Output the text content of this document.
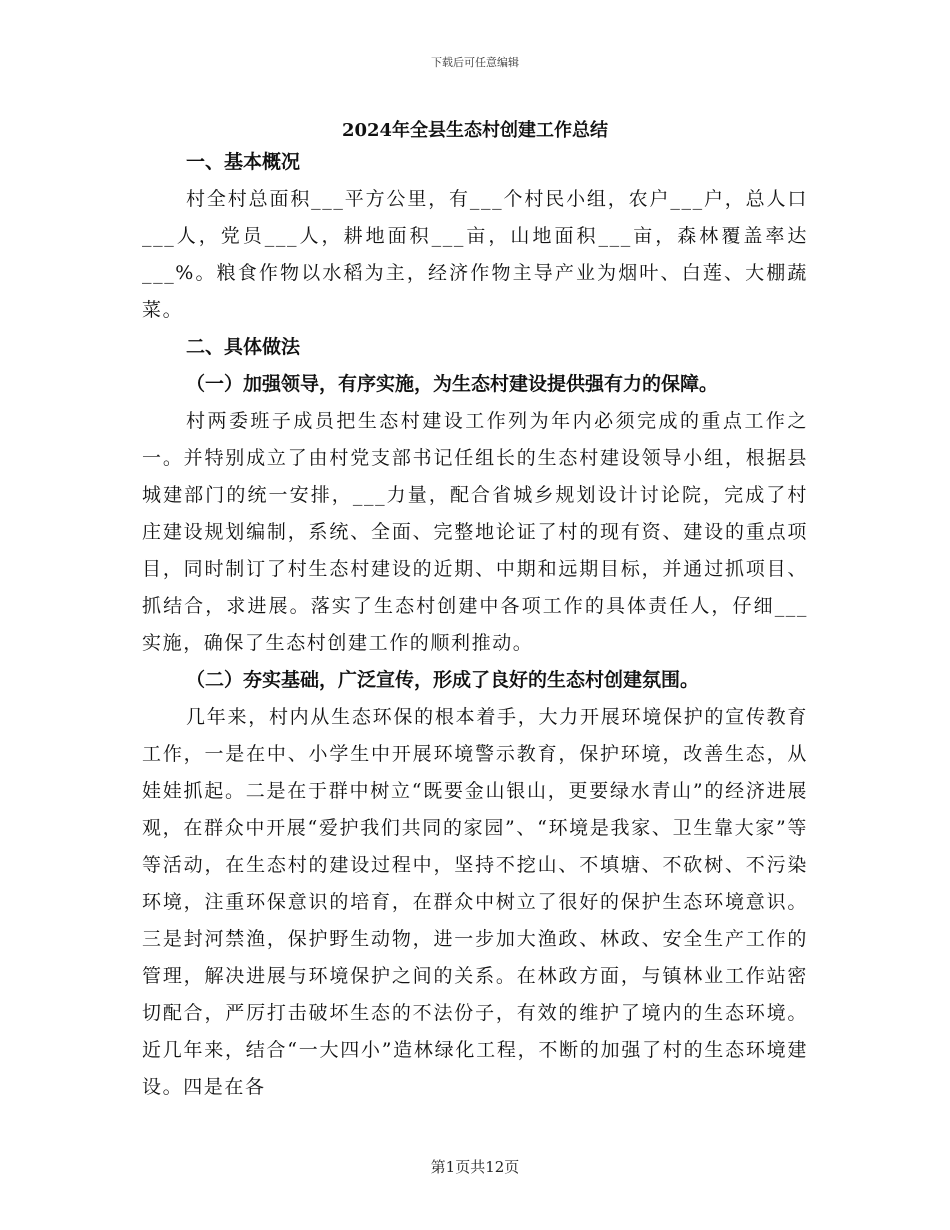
下载后可任意编辑
2024年全县生态村创建工作总结
一、基本概况

村全村总面积___平方公里，有___个村民小组，农户___户，总人口___人，党员___人，耕地面积___亩，山地面积___亩，森林覆盖率达___%。粮食作物以水稻为主，经济作物主导产业为烟叶、白莲、大棚蔬菜。

二、具体做法
（一）加强领导，有序实施，为生态村建设提供强有力的保障。

村两委班子成员把生态村建设工作列为年内必须完成的重点工作之一。并特别成立了由村党支部书记任组长的生态村建设领导小组，根据县城建部门的统一安排，___力量，配合省城乡规划设计讨论院，完成了村庄建设规划编制，系统、全面、完整地论证了村的现有资、建设的重点项目，同时制订了村生态村建设的近期、中期和远期目标，并通过抓项目、抓结合，求进展。落实了生态村创建中各项工作的具体责任人，仔细___实施，确保了生态村创建工作的顺利推动。

（二）夯实基础，广泛宣传，形成了良好的生态村创建氛围。

几年来，村内从生态环保的根本着手，大力开展环境保护的宣传教育工作，一是在中、小学生中开展环境警示教育，保护环境，改善生态，从娃娃抓起。二是在于群中树立“既要金山银山，更要绿水青山”的经济进展观，在群众中开展“爱护我们共同的家园”、“环境是我家、卫生靠大家”等等活动，在生态村的建设过程中，坚持不挖山、不填塘、不砍树、不污染环境，注重环保意识的培育，在群众中树立了很好的保护生态环境意识。三是封河禁渔，保护野生动物，进一步加大渔政、林政、安全生产工作的管理，解决进展与环境保护之间的关系。在林政方面，与镇林业工作站密切配合，严厉打击破坏生态的不法份子，有效的维护了境内的生态环境。近几年来，结合“一大四小”造林绿化工程，不断的加强了村的生态环境建设。四是在各

第1页共12页
